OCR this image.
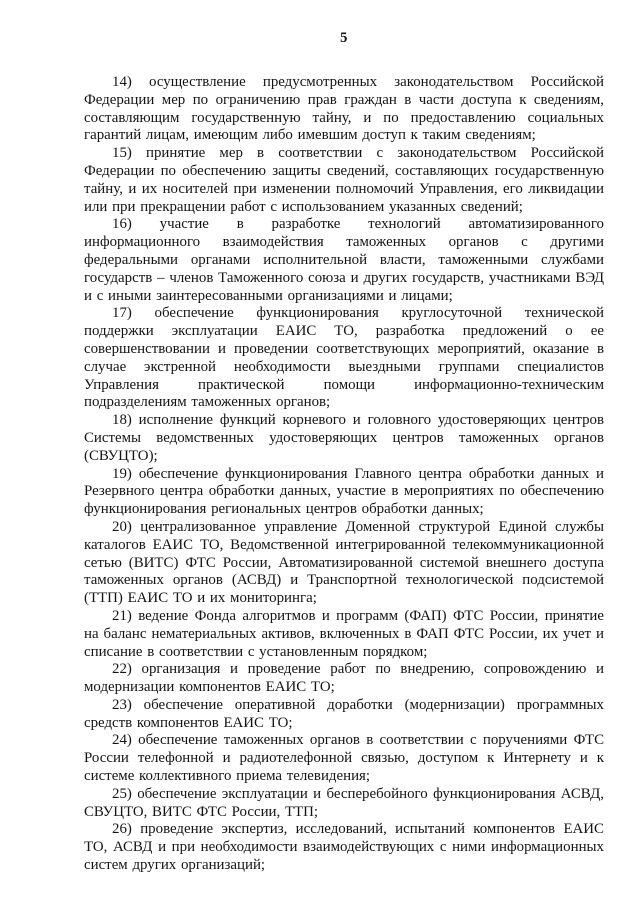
5

14) осуществление предусмотренных законодательством Российской Федерации мер по ограничению прав граждан в части доступа к сведениям, составляющим государственную тайну, и по предоставлению социальных гарантий лицам, имеющим либо имевшим доступ к таким сведениям;

15) принятие мер в соответствии с законодательством Российской Федерации по обеспечению защиты сведений, составляющих государственную тайну, и их носителей при изменении полномочий Управления, его ликвидации или при прекращении работ с использованием указанных сведений;

16) участие в разработке технологий автоматизированного информационного взаимодействия таможенных органов с другими федеральными органами исполнительной власти, таможенными службами государств – членов Таможенного союза и других государств, участниками ВЭД и с иными заинтересованными организациями и лицами;

17) обеспечение функционирования круглосуточной технической поддержки эксплуатации ЕАИС ТО, разработка предложений о ее совершенствовании и проведении соответствующих мероприятий, оказание в случае экстренной необходимости выездными группами специалистов Управления практической помощи информационно-техническим подразделениям таможенных органов;

18) исполнение функций корневого и головного удостоверяющих центров Системы ведомственных удостоверяющих центров таможенных органов (СВУЦТО);

19) обеспечение функционирования Главного центра обработки данных и Резервного центра обработки данных, участие в мероприятиях по обеспечению функционирования региональных центров обработки данных;

20) централизованное управление Доменной структурой Единой службы каталогов ЕАИС ТО, Ведомственной интегрированной телекоммуникационной сетью (ВИТС) ФТС России, Автоматизированной системой внешнего доступа таможенных органов (АСВД) и Транспортной технологической подсистемой (ТТП) ЕАИС ТО и их мониторинга;

21) ведение Фонда алгоритмов и программ (ФАП) ФТС России, принятие на баланс нематериальных активов, включенных в ФАП ФТС России, их учет и списание в соответствии с установленным порядком;

22) организация и проведение работ по внедрению, сопровождению и модернизации компонентов ЕАИС ТО;

23) обеспечение оперативной доработки (модернизации) программных средств компонентов ЕАИС ТО;

24) обеспечение таможенных органов в соответствии с поручениями ФТС России телефонной и радиотелефонной связью, доступом к Интернету и к системе коллективного приема телевидения;

25) обеспечение эксплуатации и бесперебойного функционирования АСВД, СВУЦТО, ВИТС ФТС России, ТТП;

26) проведение экспертиз, исследований, испытаний компонентов ЕАИС ТО, АСВД и при необходимости взаимодействующих с ними информационных систем других организаций;
